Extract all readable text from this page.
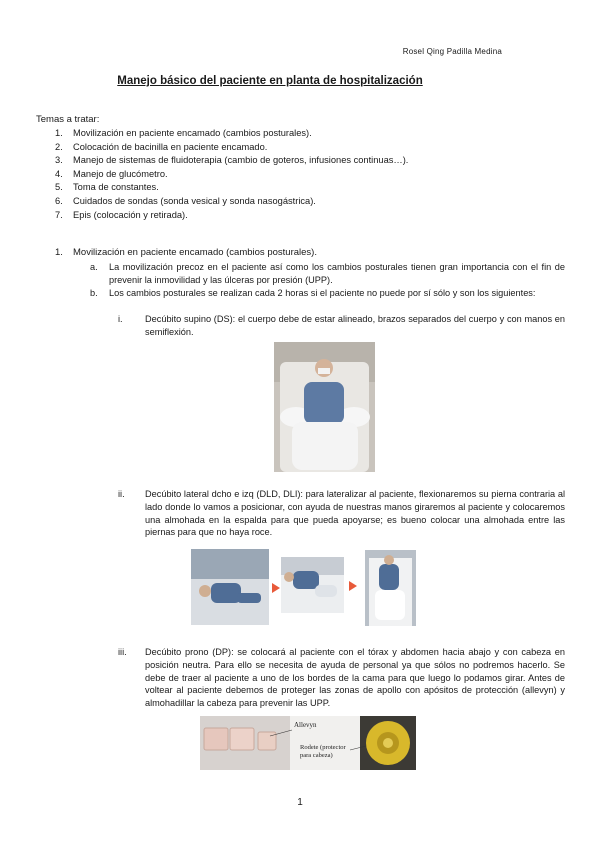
Rosel Qing Padilla Medina
Manejo básico del paciente en planta de hospitalización
Temas a tratar:
1. Movilización en paciente encamado (cambios posturales).
2. Colocación de bacinilla en paciente encamado.
3. Manejo de sistemas de fluidoterapia (cambio de goteros, infusiones continuas…).
4. Manejo de glucómetro.
5. Toma de constantes.
6. Cuidados de sondas (sonda vesical y sonda nasogástrica).
7. Epis (colocación y retirada).
1. Movilización en paciente encamado (cambios posturales).
a. La movilización precoz en el paciente así como los cambios posturales tienen gran importancia con el fin de prevenir la inmovilidad y las úlceras por presión (UPP).
b. Los cambios posturales se realizan cada 2 horas si el paciente no puede por sí sólo y son los siguientes:
i. Decúbito supino (DS): el cuerpo debe de estar alineado, brazos separados del cuerpo y con manos en semiflexión.
ii. Decúbito lateral dcho e izq (DLD, DLI): para lateralizar al paciente, flexionaremos su pierna contraria al lado donde lo vamos a posicionar, con ayuda de nuestras manos giraremos al paciente y colocaremos una almohada en la espalda para que pueda apoyarse; es bueno colocar una almohada entre las piernas para que no haya roce.
iii. Decúbito prono (DP): se colocará al paciente con el tórax y abdomen hacia abajo y con cabeza en posición neutra. Para ello se necesita de ayuda de personal ya que sólos no podremos hacerlo. Se debe de traer al paciente a uno de los bordes de la cama para que luego lo podamos girar. Antes de voltear al paciente debemos de proteger las zonas de apollo con apósitos de protección (allevyn) y almohadillar la cabeza para prevenir las UPP.
Allevyn
Rodete (protector para cabeza)
1
